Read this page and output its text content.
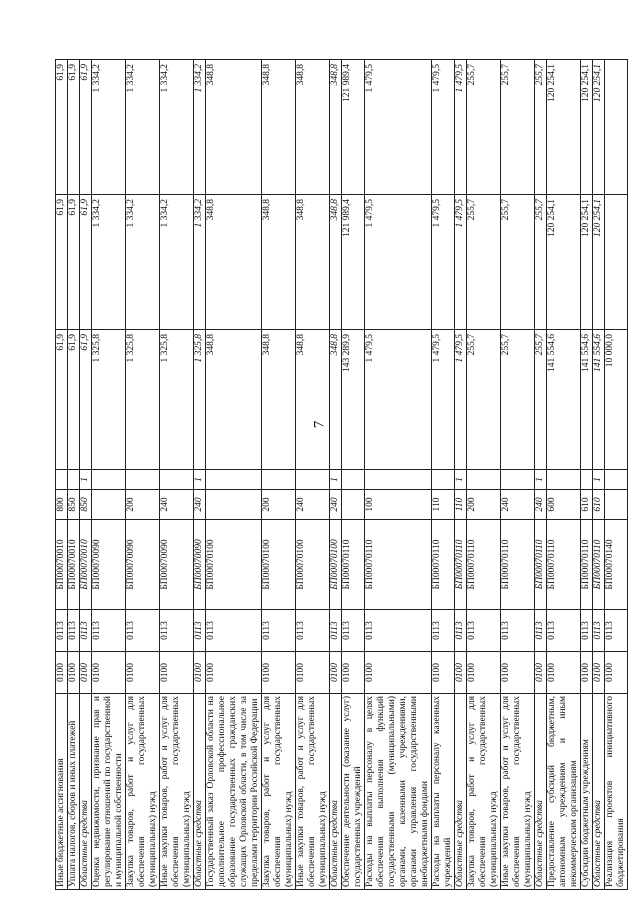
7
Иные бюджетные ассигнования	0100	0113	БП00070010	800		61,9	61,9	61,9
Уплата налогов, сборов и иных платежей	0100	0113	БП00070010	850		61,9	61,9	61,9
Областные средства	0100	0113	БП00070010	850	1	61,9	61,9	61,9
Оценка недвижимости, признание прав и регулирование отношений по государственной и муниципальной собственности	0100	0113	БП00070090			1 325,8	1 334,2	1 334,2
Закупка товаров, работ и услуг для обеспечения государственных (муниципальных) нужд	0100	0113	БП00070090	200		1 325,8	1 334,2	1 334,2
Иные закупки товаров, работ и услуг для обеспечения государственных (муниципальных) нужд	0100	0113	БП00070090	240		1 325,8	1 334,2	1 334,2
Областные средства	0100	0113	БП00070090	240	1	1 325,8	1 334,2	1 334,2
Государственный заказ Орловской области на дополнительное профессиональное образование государственных гражданских служащих Орловской области, в том числе за пределами территории Российской Федерации	0100	0113	БП00070100			348,8	348,8	348,8
Закупка товаров, работ и услуг для обеспечения государственных (муниципальных) нужд	0100	0113	БП00070100	200		348,8	348,8	348,8
Иные закупки товаров, работ и услуг для обеспечения государственных (муниципальных) нужд	0100	0113	БП00070100	240		348,8	348,8	348,8
Областные средства	0100	0113	БП00070100	240	1	348,8	348,8	348,8
Обеспечение деятельности (оказание услуг) государственных учреждений	0100	0113	БП00070110			143 289,9	121 989,4	121 989,4
Расходы на выплаты персоналу в целях обеспечения выполнения функций государственными (муниципальными) органами, казенными учреждениями, органами управления государственными внебюджетными фондами	0100	0113	БП00070110	100		1 479,5	1 479,5	1 479,5
Расходы на выплаты персоналу казенных учреждений	0100	0113	БП00070110	110		1 479,5	1 479,5	1 479,5
Областные средства	0100	0113	БП00070110	110	1	1 479,5	1 479,5	1 479,5
Закупка товаров, работ и услуг для обеспечения государственных (муниципальных) нужд	0100	0113	БП00070110	200		255,7	255,7	255,7
Иные закупки товаров, работ и услуг для обеспечения государственных (муниципальных) нужд	0100	0113	БП00070110	240		255,7	255,7	255,7
Областные средства	0100	0113	БП00070110	240	1	255,7	255,7	255,7
Предоставление субсидий бюджетным, автономным учреждениям и иным некоммерческим организациям	0100	0113	БП00070110	600		141 554,6	120 254,1	120 254,1
Субсидии бюджетным учреждениям	0100	0113	БП00070110	610		141 554,6	120 254,1	120 254,1
Областные средства	0100	0113	БП00070110	610	1	141 554,6	120 254,1	120 254,1
Реализация проектов инициативного бюджетирования	0100	0113	БП00070140			10 000,0		
